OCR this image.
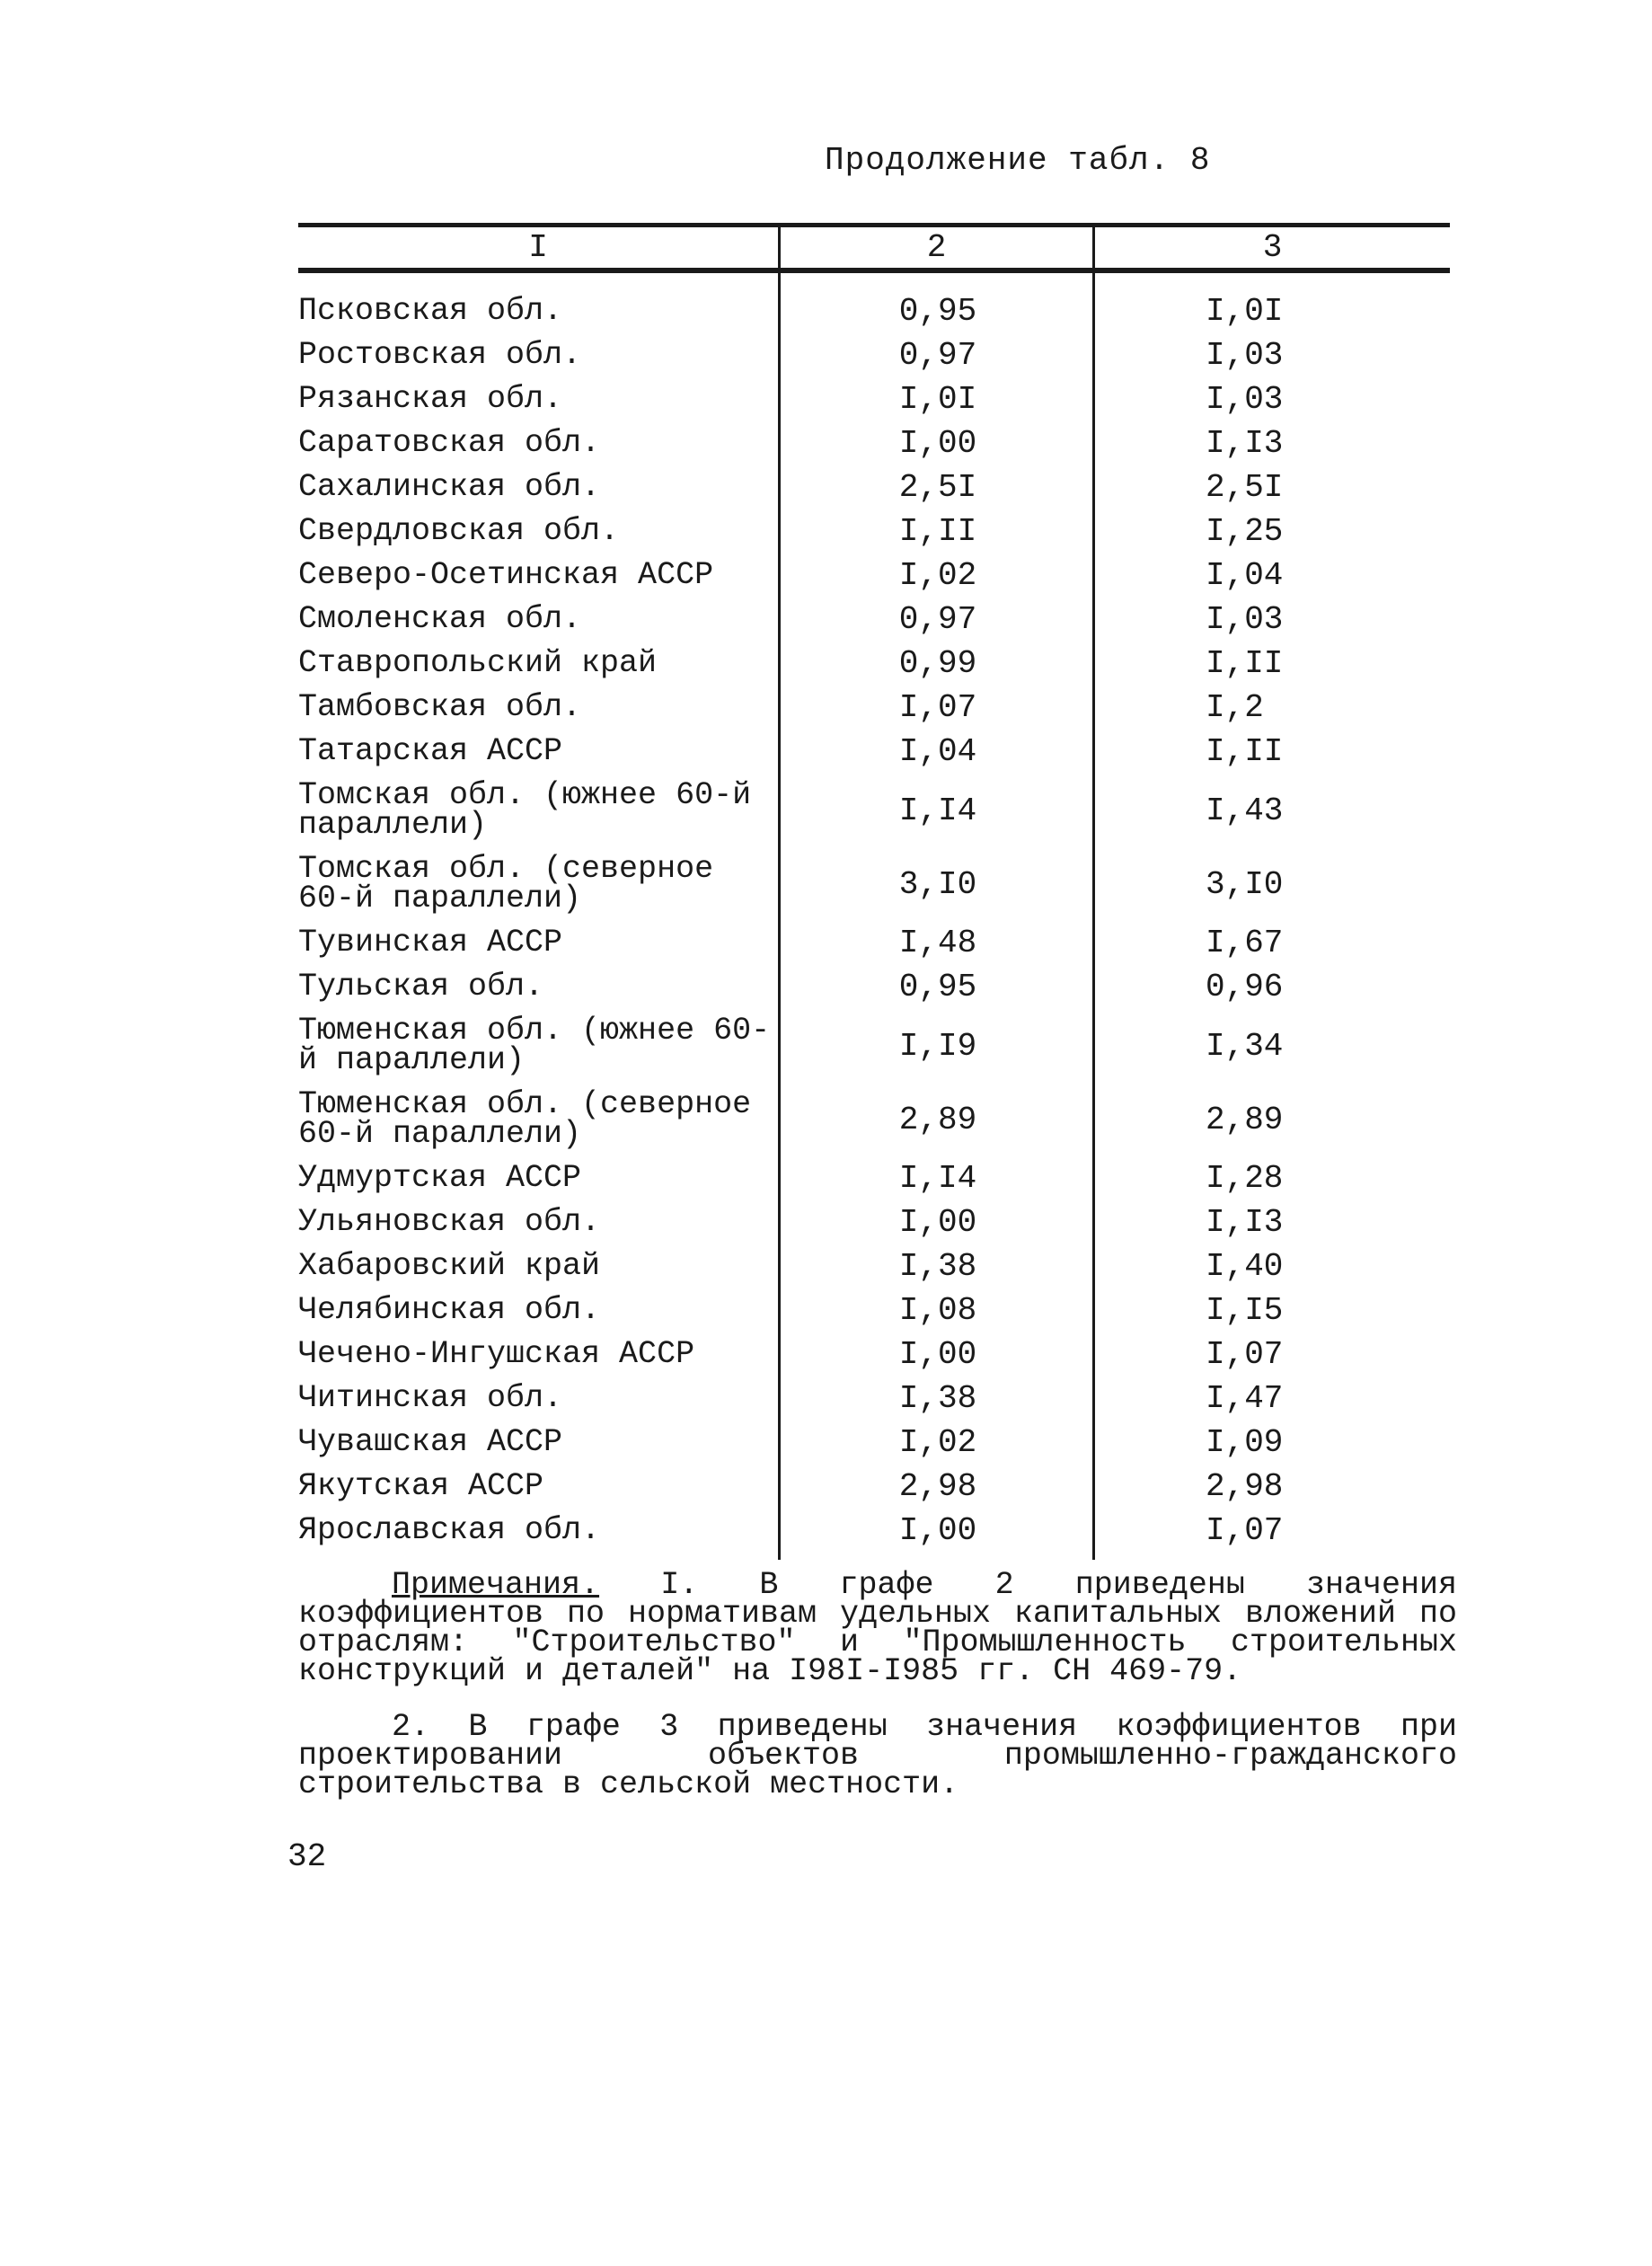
Продолжение табл. 8
I	2	3
Псковская обл.	0,95	I,0I
Ростовская обл.	0,97	I,03
Рязанская обл.	I,0I	I,03
Саратовская обл.	I,00	I,I3
Сахалинская обл.	2,5I	2,5I
Свердловская обл.	I,II	I,25
Северо-Осетинская АССР	I,02	I,04
Смоленская обл.	0,97	I,03
Ставропольский край	0,99	I,II
Тамбовская обл.	I,07	I,2
Татарская АССР	I,04	I,II
Томская обл. (южнее 60-й параллели)	I,I4	I,43
Томская обл. (северное 60-й параллели)	3,I0	3,I0
Тувинская АССР	I,48	I,67
Тульская обл.	0,95	0,96
Тюменская обл. (южнее 60-й параллели)	I,I9	I,34
Тюменская обл. (северное 60-й параллели)	2,89	2,89
Удмуртская АССР	I,I4	I,28
Ульяновская обл.	I,00	I,I3
Хабаровский край	I,38	I,40
Челябинская обл.	I,08	I,I5
Чечено-Ингушская АССР	I,00	I,07
Читинская обл.	I,38	I,47
Чувашская АССР	I,02	I,09
Якутская АССР	2,98	2,98
Ярославская обл.	I,00	I,07

Примечания. I. В графе 2 приведены значения коэффициентов по нормативам удельных капитальных вложений по отраслям: "Строительство" и "Промышленность строительных конструкций и деталей" на I98I-I985 гг. СН 469-79.

2. В графе 3 приведены значения коэффициентов при проектировании объектов промышленно-гражданского строительства в сельской местности.

32
